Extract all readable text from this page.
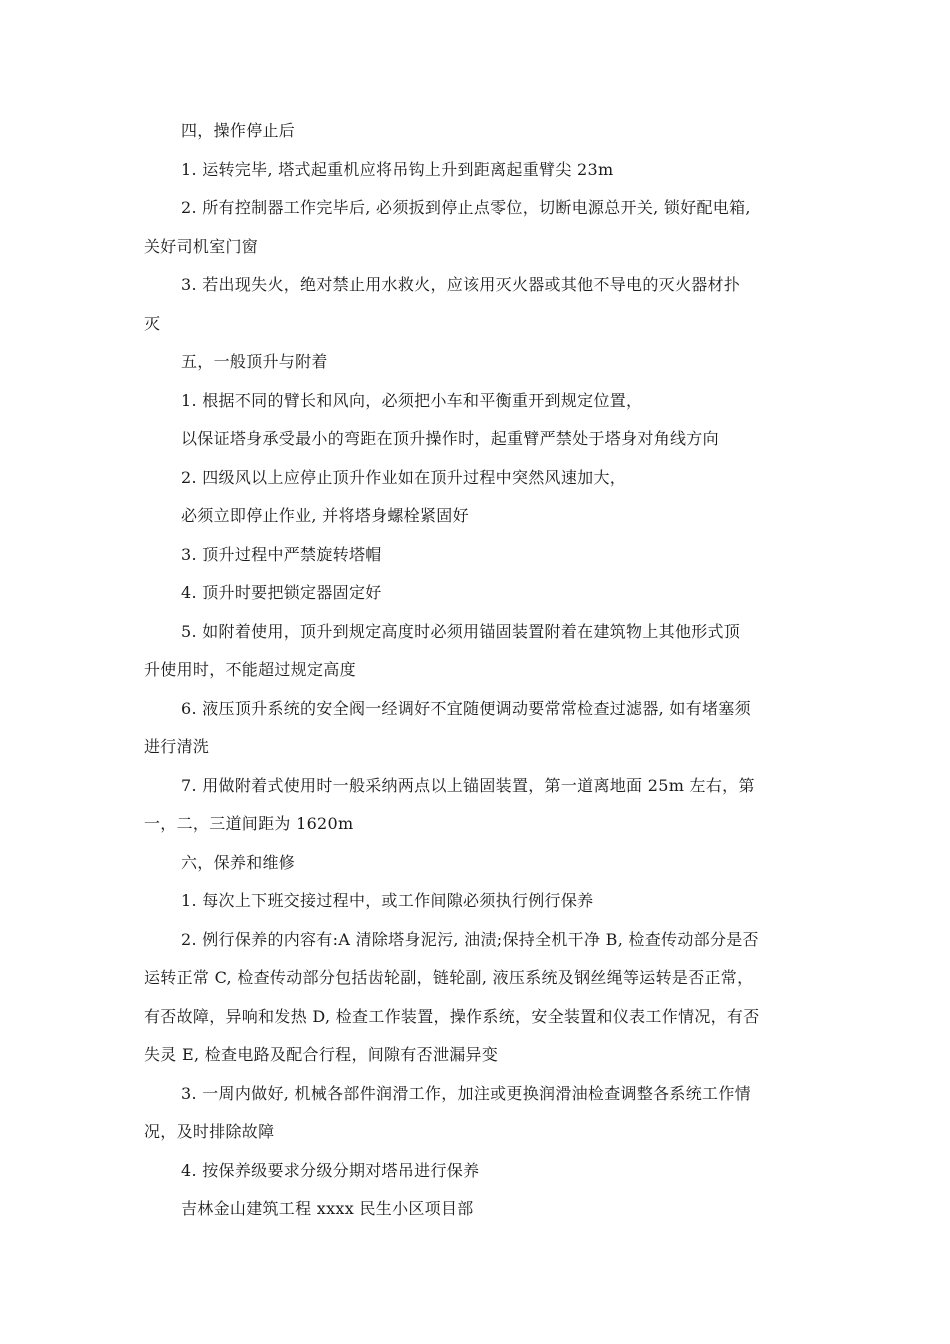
四，操作停止后
1. 运转完毕, 塔式起重机应将吊钩上升到距离起重臂尖 23m
2. 所有控制器工作完毕后, 必须扳到停止点零位，切断电源总开关, 锁好配电箱,
关好司机室门窗
3. 若出现失火，绝对禁止用水救火，应该用灭火器或其他不导电的灭火器材扑
灭
五，一般顶升与附着
1. 根据不同的臂长和风向，必须把小车和平衡重开到规定位置，
以保证塔身承受最小的弯距在顶升操作时，起重臂严禁处于塔身对角线方向
2. 四级风以上应停止顶升作业如在顶升过程中突然风速加大，
必须立即停止作业, 并将塔身螺栓紧固好
3. 顶升过程中严禁旋转塔帽
4. 顶升时要把锁定器固定好
5. 如附着使用，顶升到规定高度时必须用锚固装置附着在建筑物上其他形式顶
升使用时，不能超过规定高度
6. 液压顶升系统的安全阀一经调好不宜随便调动要常常检查过滤器, 如有堵塞须
进行清洗
7. 用做附着式使用时一般采纳两点以上锚固装置，第一道离地面 25m 左右，第
一，二，三道间距为 1620m
六，保养和维修
1. 每次上下班交接过程中，或工作间隙必须执行例行保养
2. 例行保养的内容有:A 清除塔身泥污, 油渍;保持全机干净 B, 检查传动部分是否
运转正常 C, 检查传动部分包括齿轮副，链轮副, 液压系统及钢丝绳等运转是否正常，
有否故障，异响和发热 D, 检查工作装置，操作系统，安全装置和仪表工作情况，有否
失灵 E, 检查电路及配合行程，间隙有否泄漏异变
3. 一周内做好, 机械各部件润滑工作，加注或更换润滑油检查调整各系统工作情
况，及时排除故障
4. 按保养级要求分级分期对塔吊进行保养
吉林金山建筑工程 xxxx 民生小区项目部
